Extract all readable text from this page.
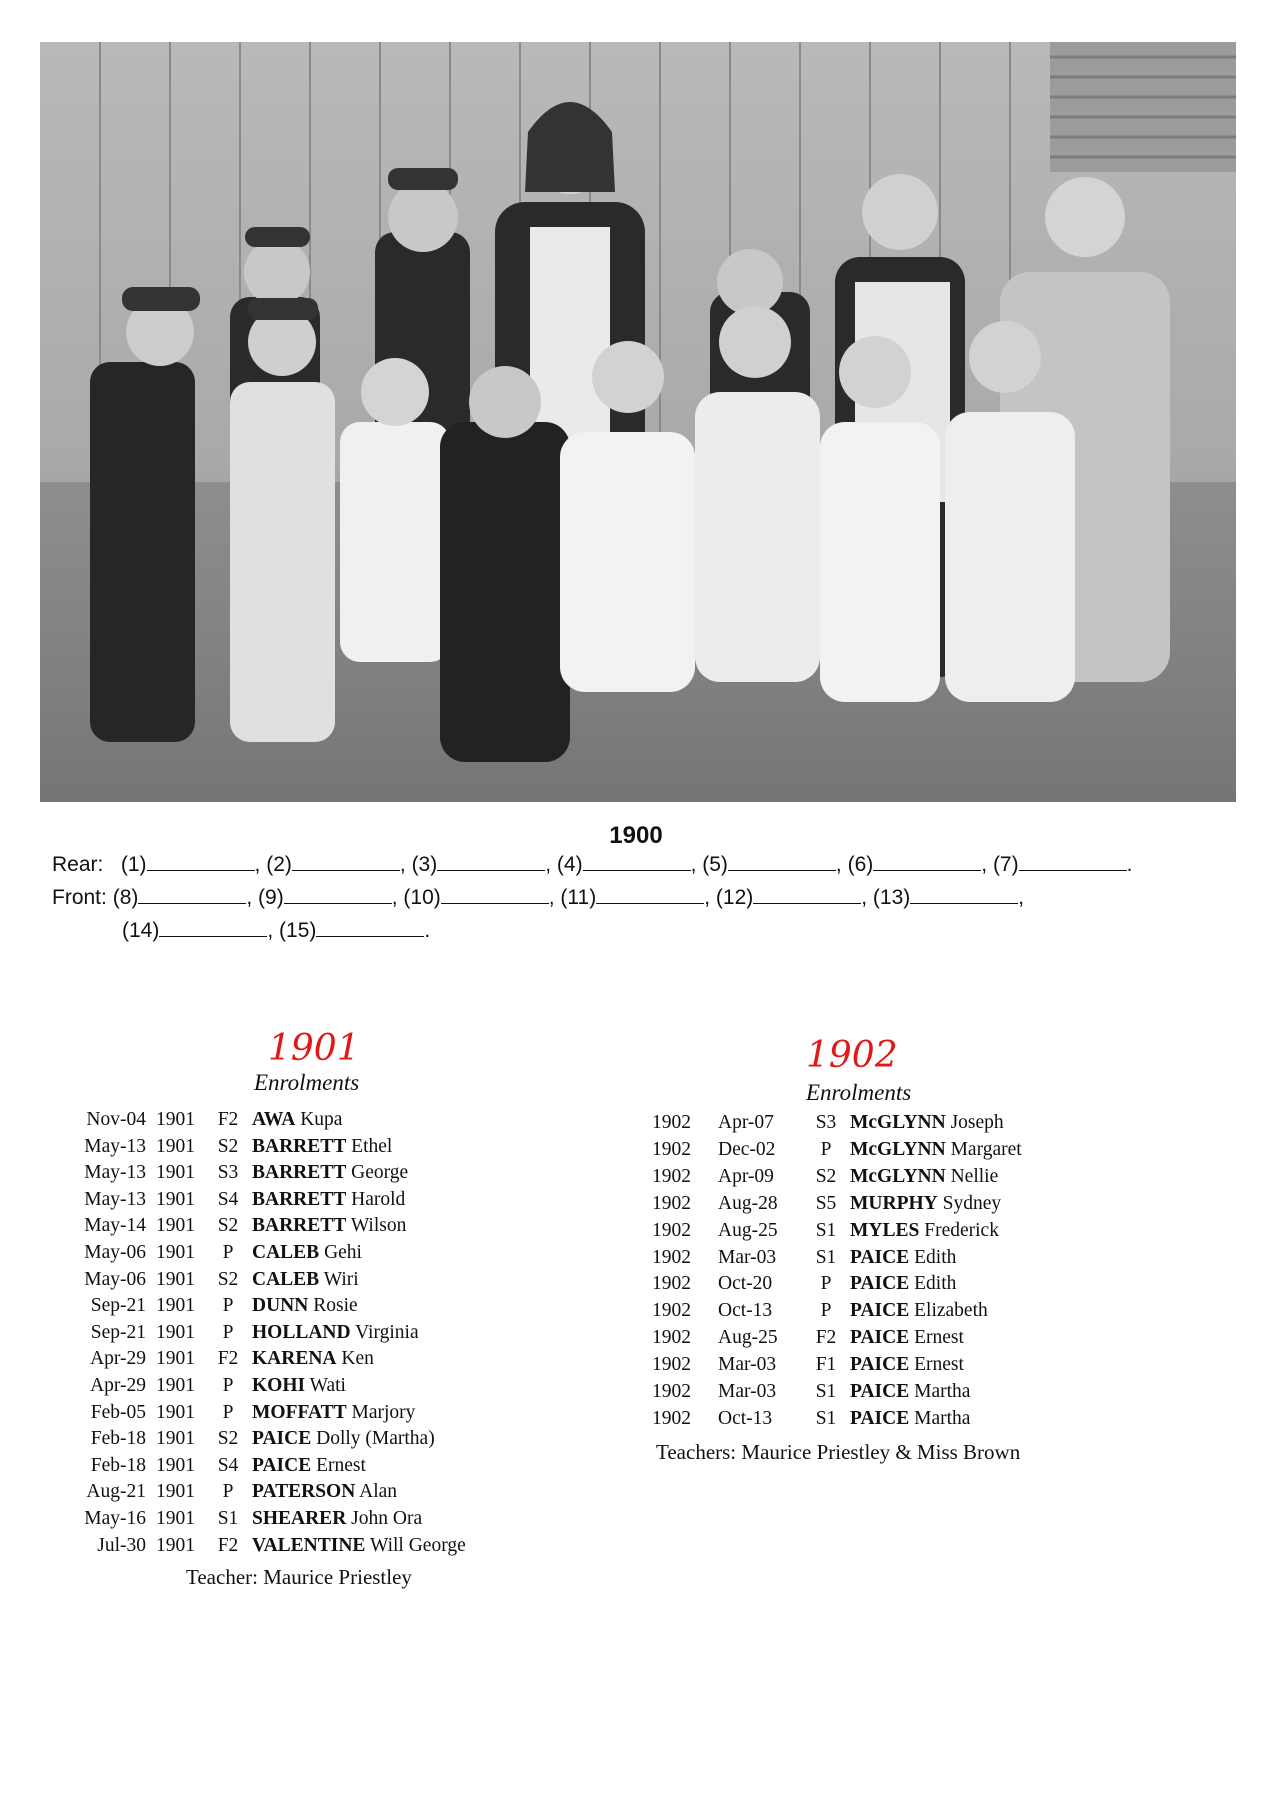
1900
Rear: (1)	, (2)	, (3)	, (4)	, (5)	, (6)	, (7)	.
Front: (8)	, (9)	, (10)	, (11)	, (12)	, (13)	,
(14)	, (15)	.
1901
Enrolments
Nov-04 1901	F2 AWA Kupa
May-13 1901	S2 BARRETT Ethel
May-13 1901	S3 BARRETT George
May-13 1901	S4 BARRETT Harold
May-14 1901	S2 BARRETT Wilson
May-06 1901	P CALEB Gehi
May-06 1901	S2 CALEB Wiri
Sep-21 1901	P DUNN Rosie
Sep-21 1901	P HOLLAND Virginia
Apr-29 1901	F2 KARENA Ken
Apr-29 1901	P KOHI Wati
Feb-05 1901	P MOFFATT Marjory
Feb-18 1901	S2 PAICE Dolly (Martha)
Feb-18 1901	S4 PAICE Ernest
Aug-21 1901	P PATERSON Alan
May-16 1901	S1 SHEARER John Ora
Jul-30 1901	F2 VALENTINE Will George
Teacher: Maurice Priestley
1902
Enrolments
1902 Apr-07	S3 McGLYNN Joseph
1902 Dec-02	P McGLYNN Margaret
1902 Apr-09	S2 McGLYNN Nellie
1902 Aug-28	S5 MURPHY Sydney
1902 Aug-25	S1 MYLES Frederick
1902 Mar-03	S1 PAICE Edith
1902 Oct-20	P PAICE Edith
1902 Oct-13	P PAICE Elizabeth
1902 Aug-25	F2 PAICE Ernest
1902 Mar-03	F1 PAICE Ernest
1902 Mar-03	S1 PAICE Martha
1902 Oct-13	S1 PAICE Martha
Teachers: Maurice Priestley & Miss Brown
